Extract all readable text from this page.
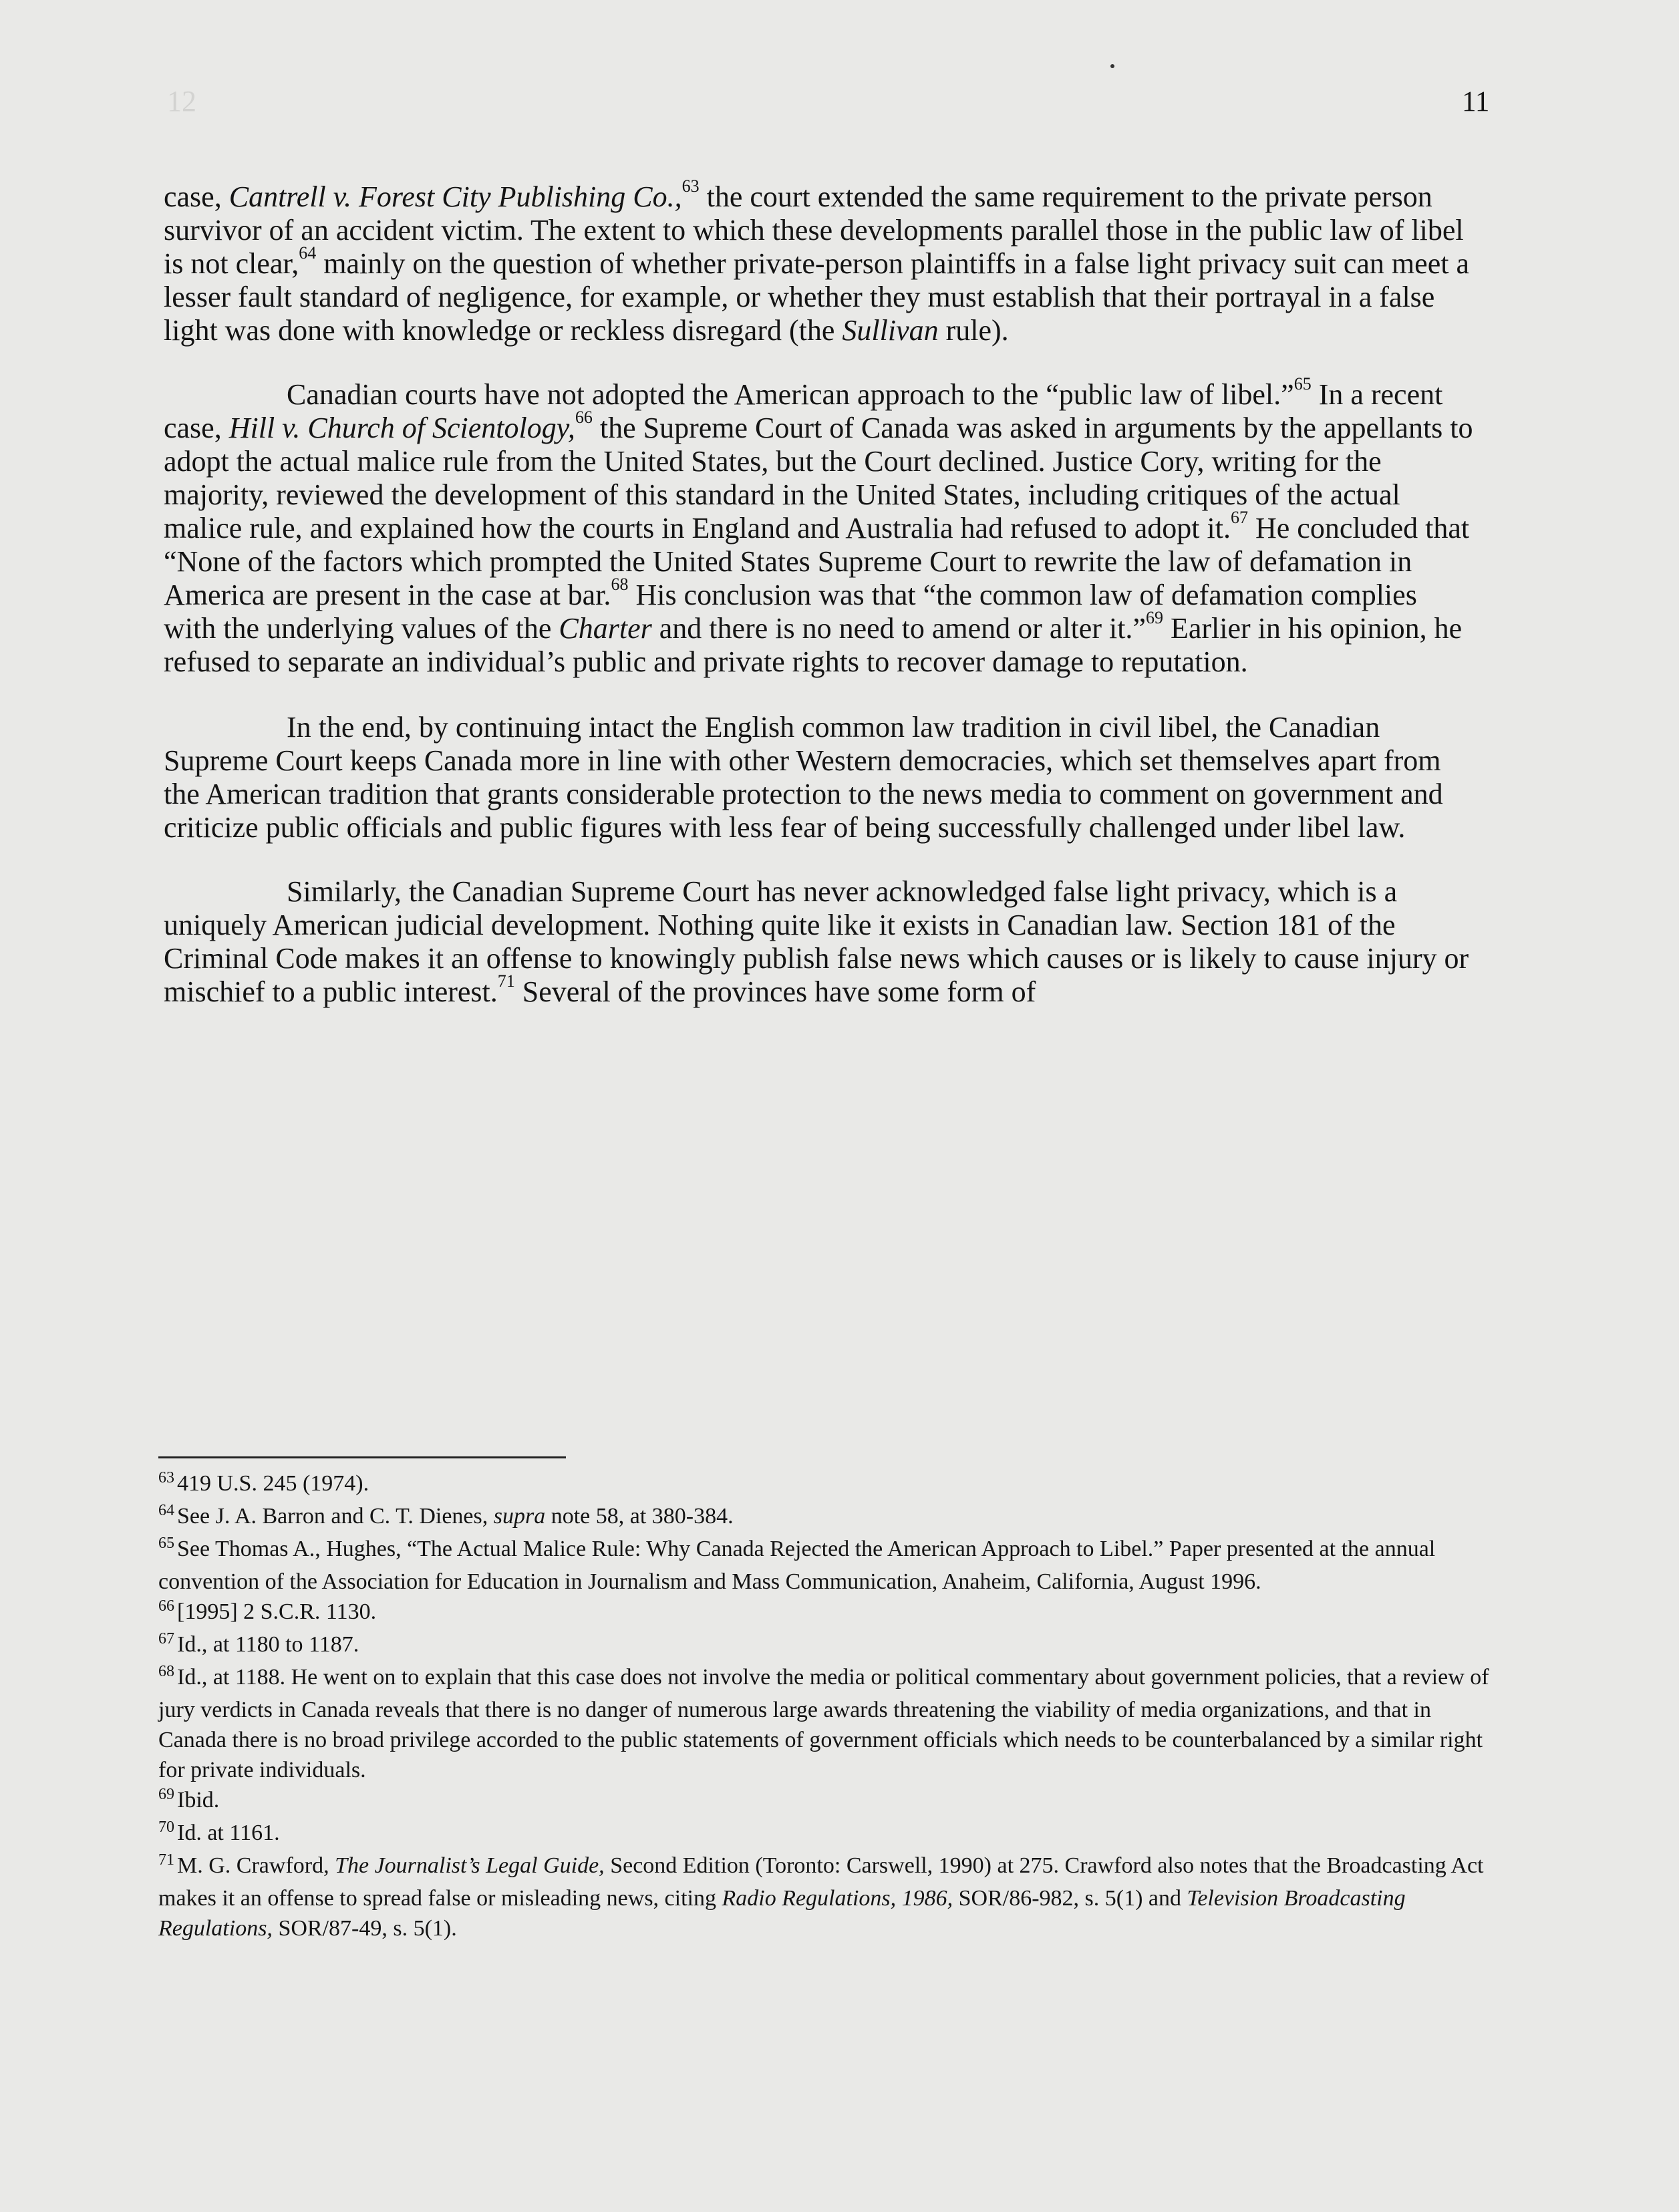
12	11

case, Cantrell v. Forest City Publishing Co.,$^{63}$ the court extended the same requirement to the private person survivor of an accident victim. The extent to which these developments parallel those in the public law of libel is not clear,$^{64}$ mainly on the question of whether private-person plaintiffs in a false light privacy suit can meet a lesser fault standard of negligence, for example, or whether they must establish that their portrayal in a false light was done with knowledge or reckless disregard (the Sullivan rule).

Canadian courts have not adopted the American approach to the “public law of libel.”$^{65}$ In a recent case, Hill v. Church of Scientology,$^{66}$ the Supreme Court of Canada was asked in arguments by the appellants to adopt the actual malice rule from the United States, but the Court declined. Justice Cory, writing for the majority, reviewed the development of this standard in the United States, including critiques of the actual malice rule, and explained how the courts in England and Australia had refused to adopt it.$^{67}$ He concluded that “None of the factors which prompted the United States Supreme Court to rewrite the law of defamation in America are present in the case at bar.$^{68}$ His conclusion was that “the common law of defamation complies with the underlying values of the Charter and there is no need to amend or alter it.”$^{69}$ Earlier in his opinion, he refused to separate an individual’s public and private rights to recover damage to reputation.

In the end, by continuing intact the English common law tradition in civil libel, the Canadian Supreme Court keeps Canada more in line with other Western democracies, which set themselves apart from the American tradition that grants considerable protection to the news media to comment on government and criticize public officials and public figures with less fear of being successfully challenged under libel law.

Similarly, the Canadian Supreme Court has never acknowledged false light privacy, which is a uniquely American judicial development. Nothing quite like it exists in Canadian law. Section 181 of the Criminal Code makes it an offense to knowingly publish false news which causes or is likely to cause injury or mischief to a public interest.$^{71}$ Several of the provinces have some form of

$^{63}$ 419 U.S. 245 (1974).

$^{64}$ See J. A. Barron and C. T. Dienes, supra note 58, at 380-384.

$^{65}$ See Thomas A., Hughes, “The Actual Malice Rule: Why Canada Rejected the American Approach to Libel.” Paper presented at the annual convention of the Association for Education in Journalism and Mass Communication, Anaheim, California, August 1996.

$^{66}$ [1995] 2 S.C.R. 1130.

$^{67}$ Id., at 1180 to 1187.

$^{68}$ Id., at 1188. He went on to explain that this case does not involve the media or political commentary about government policies, that a review of jury verdicts in Canada reveals that there is no danger of numerous large awards threatening the viability of media organizations, and that in Canada there is no broad privilege accorded to the public statements of government officials which needs to be counterbalanced by a similar right for private individuals.

$^{69}$ Ibid.

$^{70}$ Id. at 1161.

$^{71}$ M. G. Crawford, The Journalist’s Legal Guide, Second Edition (Toronto: Carswell, 1990) at 275. Crawford also notes that the Broadcasting Act makes it an offense to spread false or misleading news, citing Radio Regulations, 1986, SOR/86-982, s. 5(1) and Television Broadcasting Regulations, SOR/87-49, s. 5(1).
